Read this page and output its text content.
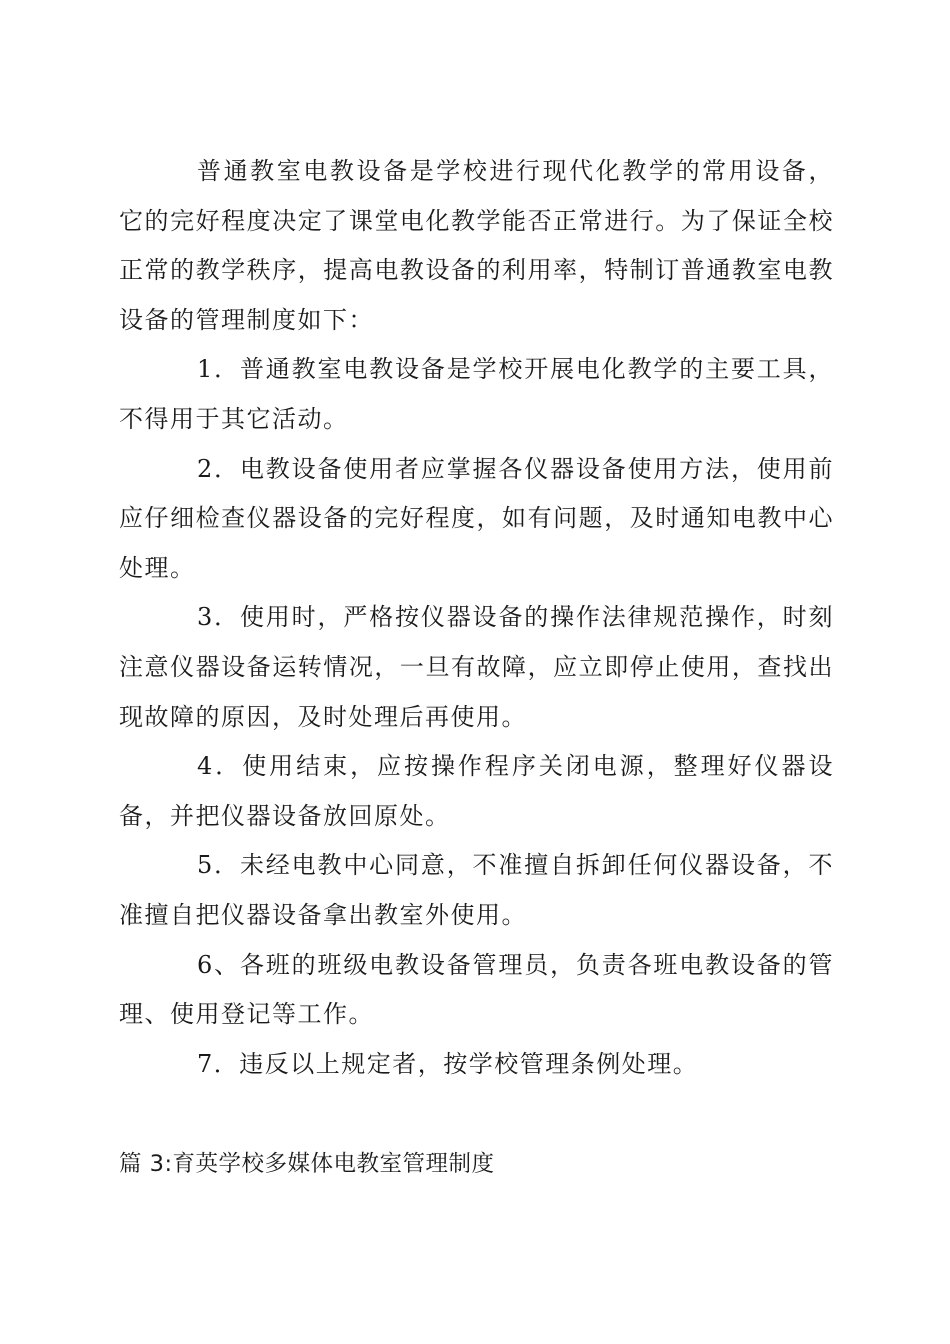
普通教室电教设备是学校进行现代化教学的常用设备，它的完好程度决定了课堂电化教学能否正常进行。为了保证全校正常的教学秩序，提高电教设备的利用率，特制订普通教室电教设备的管理制度如下：

1．普通教室电教设备是学校开展电化教学的主要工具，不得用于其它活动。

2．电教设备使用者应掌握各仪器设备使用方法，使用前应仔细检查仪器设备的完好程度，如有问题，及时通知电教中心处理。

3．使用时，严格按仪器设备的操作法律规范操作，时刻注意仪器设备运转情况，一旦有故障，应立即停止使用，查找出现故障的原因，及时处理后再使用。

4．使用结束，应按操作程序关闭电源，整理好仪器设备，并把仪器设备放回原处。

5．未经电教中心同意，不准擅自拆卸任何仪器设备，不准擅自把仪器设备拿出教室外使用。

6、各班的班级电教设备管理员，负责各班电教设备的管理、使用登记等工作。

7．违反以上规定者，按学校管理条例处理。

篇 3:育英学校多媒体电教室管理制度
